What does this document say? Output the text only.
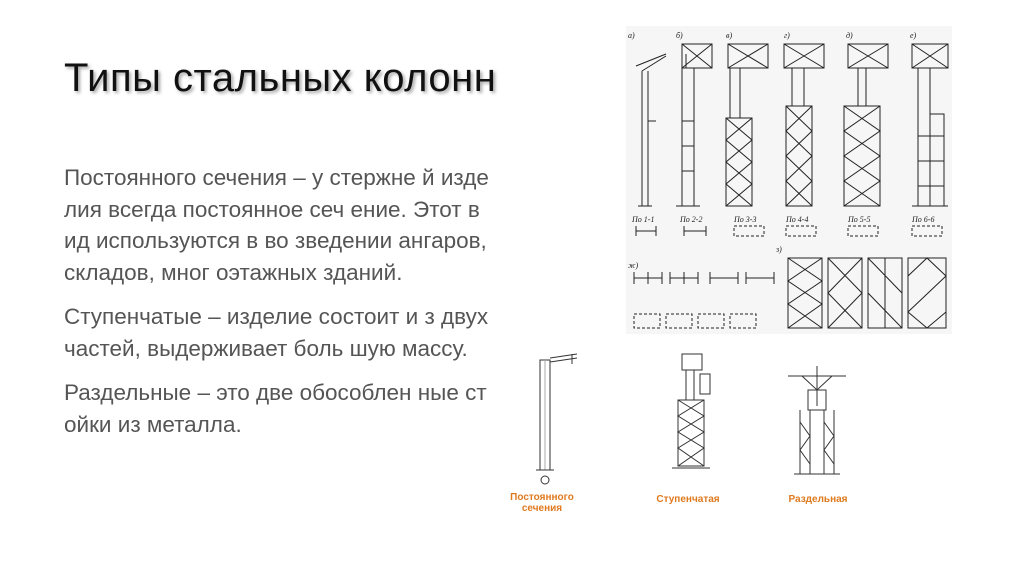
Типы стальных колонн

Постоянного сечения – у стержне й изделия всегда постоянное сеч ение. Этот вид используются в во зведении ангаров, складов, мног оэтажных зданий.

Ступенчатые – изделие состоит и з двух частей, выдерживает боль шую массу.

Раздельные – это две обособлен ные стойки из металла.

а)	б)	в)	г)	д)	е)
ж)
з)
По 1-1	По 2-2	По 3-3	По 4-4	По 5-5	По 6-6
Постоянного
сечения
Ступенчатая	Раздельная
